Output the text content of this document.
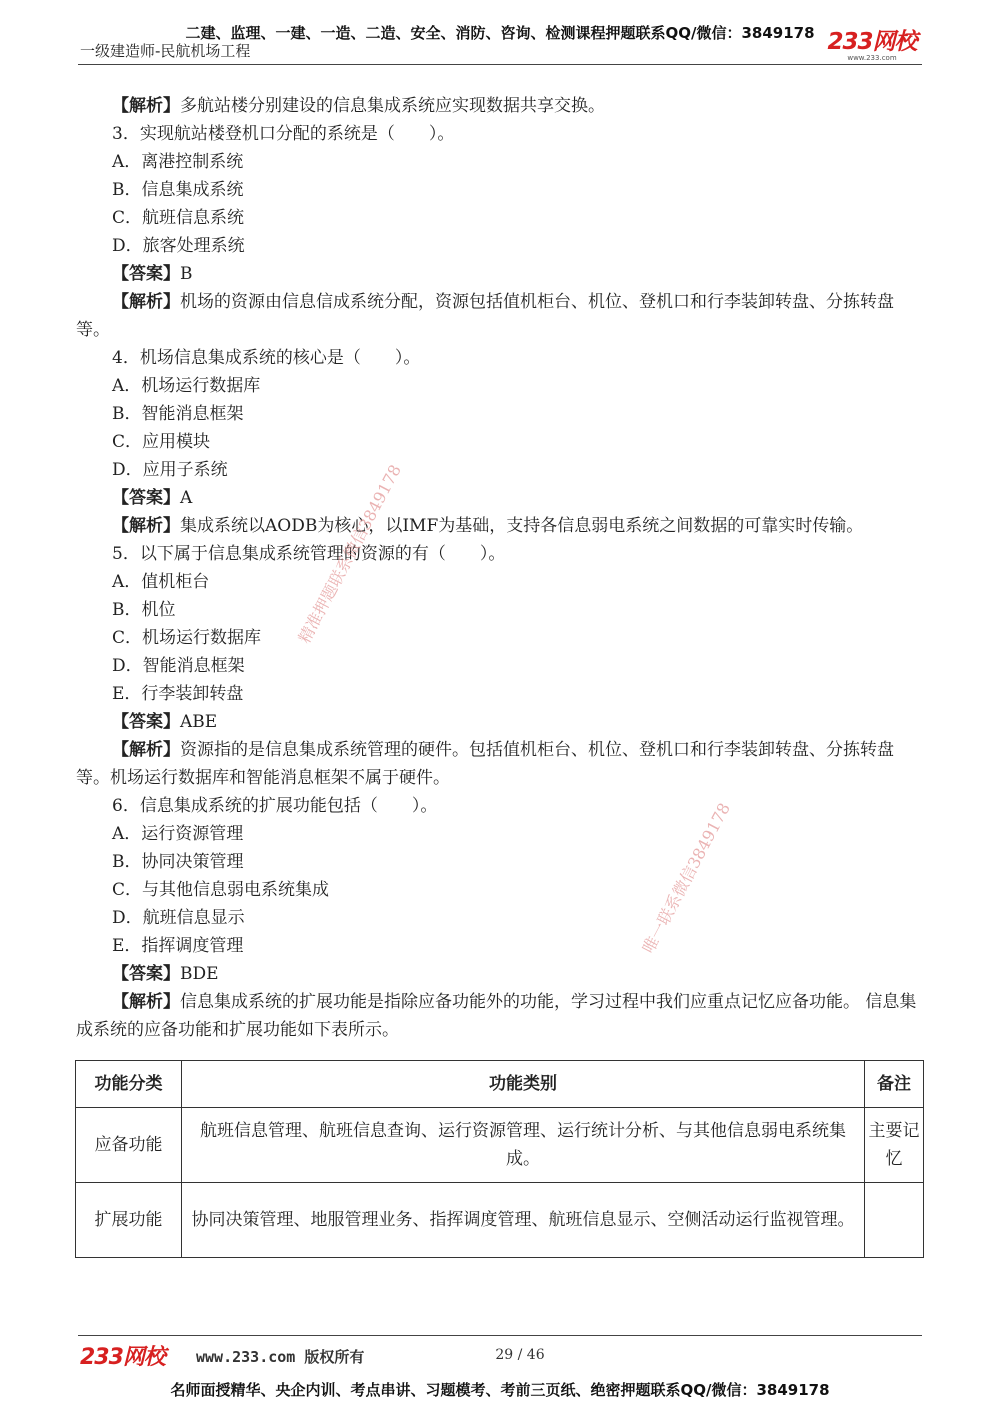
二建、监理、一建、一造、二造、安全、消防、咨询、检测课程押题联系QQ/微信：3849178
一级建造师-民航机场工程	233网校
www.233.com
【解析】多航站楼分别建设的信息集成系统应实现数据共享交换。
3．实现航站楼登机口分配的系统是（　　）。
A．离港控制系统
B．信息集成系统
C．航班信息系统
D．旅客处理系统
【答案】B
【解析】机场的资源由信息信成系统分配，资源包括值机柜台、机位、登机口和行李装卸转盘、分拣转盘等。
4．机场信息集成系统的核心是（　　）。
A．机场运行数据库
B．智能消息框架
C．应用模块
D．应用子系统
【答案】A
【解析】集成系统以AODB为核心，以IMF为基础，支持各信息弱电系统之间数据的可靠实时传输。
5．以下属于信息集成系统管理的资源的有（　　）。
A．值机柜台
B．机位
C．机场运行数据库
D．智能消息框架
E．行李装卸转盘
【答案】ABE
【解析】资源指的是信息集成系统管理的硬件。包括值机柜台、机位、登机口和行李装卸转盘、分拣转盘等。机场运行数据库和智能消息框架不属于硬件。
6．信息集成系统的扩展功能包括（　　）。
A．运行资源管理
B．协同决策管理
C．与其他信息弱电系统集成
D．航班信息显示
E．指挥调度管理
【答案】BDE
【解析】信息集成系统的扩展功能是指除应备功能外的功能，学习过程中我们应重点记忆应备功能。 信息集成系统的应备功能和扩展功能如下表所示。
功能分类	功能类别	备注
应备功能	航班信息管理、航班信息查询、运行资源管理、运行统计分析、与其他信息弱电系统集成。	主要记忆
扩展功能	协同决策管理、地服管理业务、指挥调度管理、航班信息显示、空侧活动运行监视管理。	
精准押题联系微信3849178
唯一联系微信3849178
233网校 www.233.com 版权所有	29 / 46
名师面授精华、央企内训、考点串讲、习题模考、考前三页纸、绝密押题联系QQ/微信：3849178
